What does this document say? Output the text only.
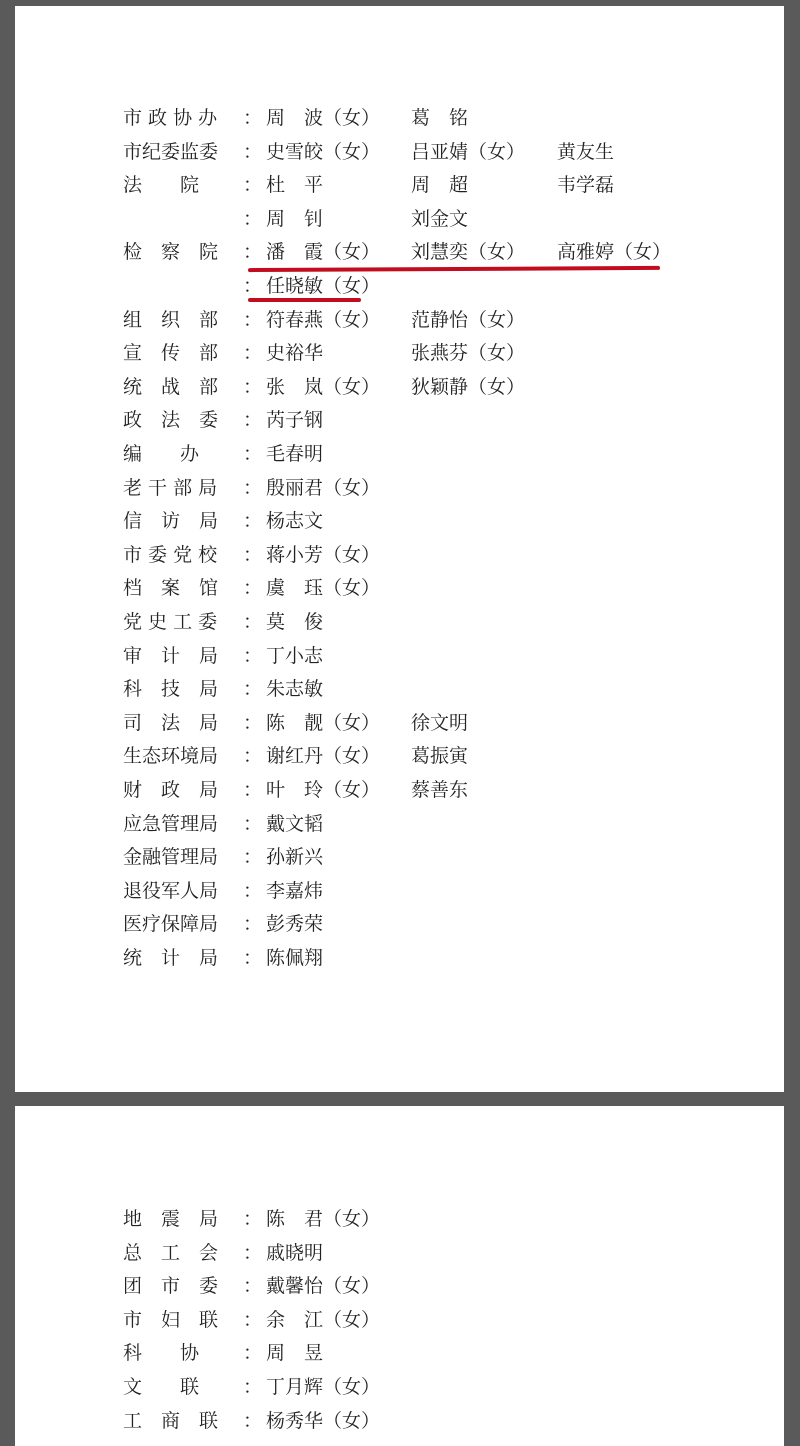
市 政 协 办	： 周　波（女） 葛　铭
市纪委监委	： 史雪皎（女） 吕亚婧（女） 黄友生
法　　院	： 杜　平	周　超	韦学磊
： 周　钊	刘金文
检　察　院	： 潘　霞（女） 刘慧奕（女） 高雅婷（女）
： 任晓敏（女）
组　织　部	： 符春燕（女） 范静怡（女）
宣　传　部	： 史裕华	张燕芬（女）
统　战　部	： 张　岚（女） 狄颖静（女）
政　法　委	： 芮子钢
编　　办	： 毛春明
老 干 部 局	： 殷丽君（女）
信　访　局	： 杨志文
市 委 党 校	： 蒋小芳（女）
档　案　馆	： 虞　珏（女）
党 史 工 委	： 莫　俊
审　计　局	： 丁小志
科　技　局	： 朱志敏
司　法　局	： 陈　靓（女） 徐文明
生态环境局	： 谢红丹（女） 葛振寅
财　政　局	： 叶　玲（女） 蔡善东
应急管理局	： 戴文韬
金融管理局	： 孙新兴
退役军人局	： 李嘉炜
医疗保障局	： 彭秀荣
统　计　局	： 陈佩翔
地　震　局	： 陈　君（女）
总　工　会	： 戚晓明
团　市　委	： 戴馨怡（女）
市　妇　联	： 余　江（女）
科　　协	： 周　昱
文　　联	： 丁月辉（女）
工　商　联	： 杨秀华（女）
